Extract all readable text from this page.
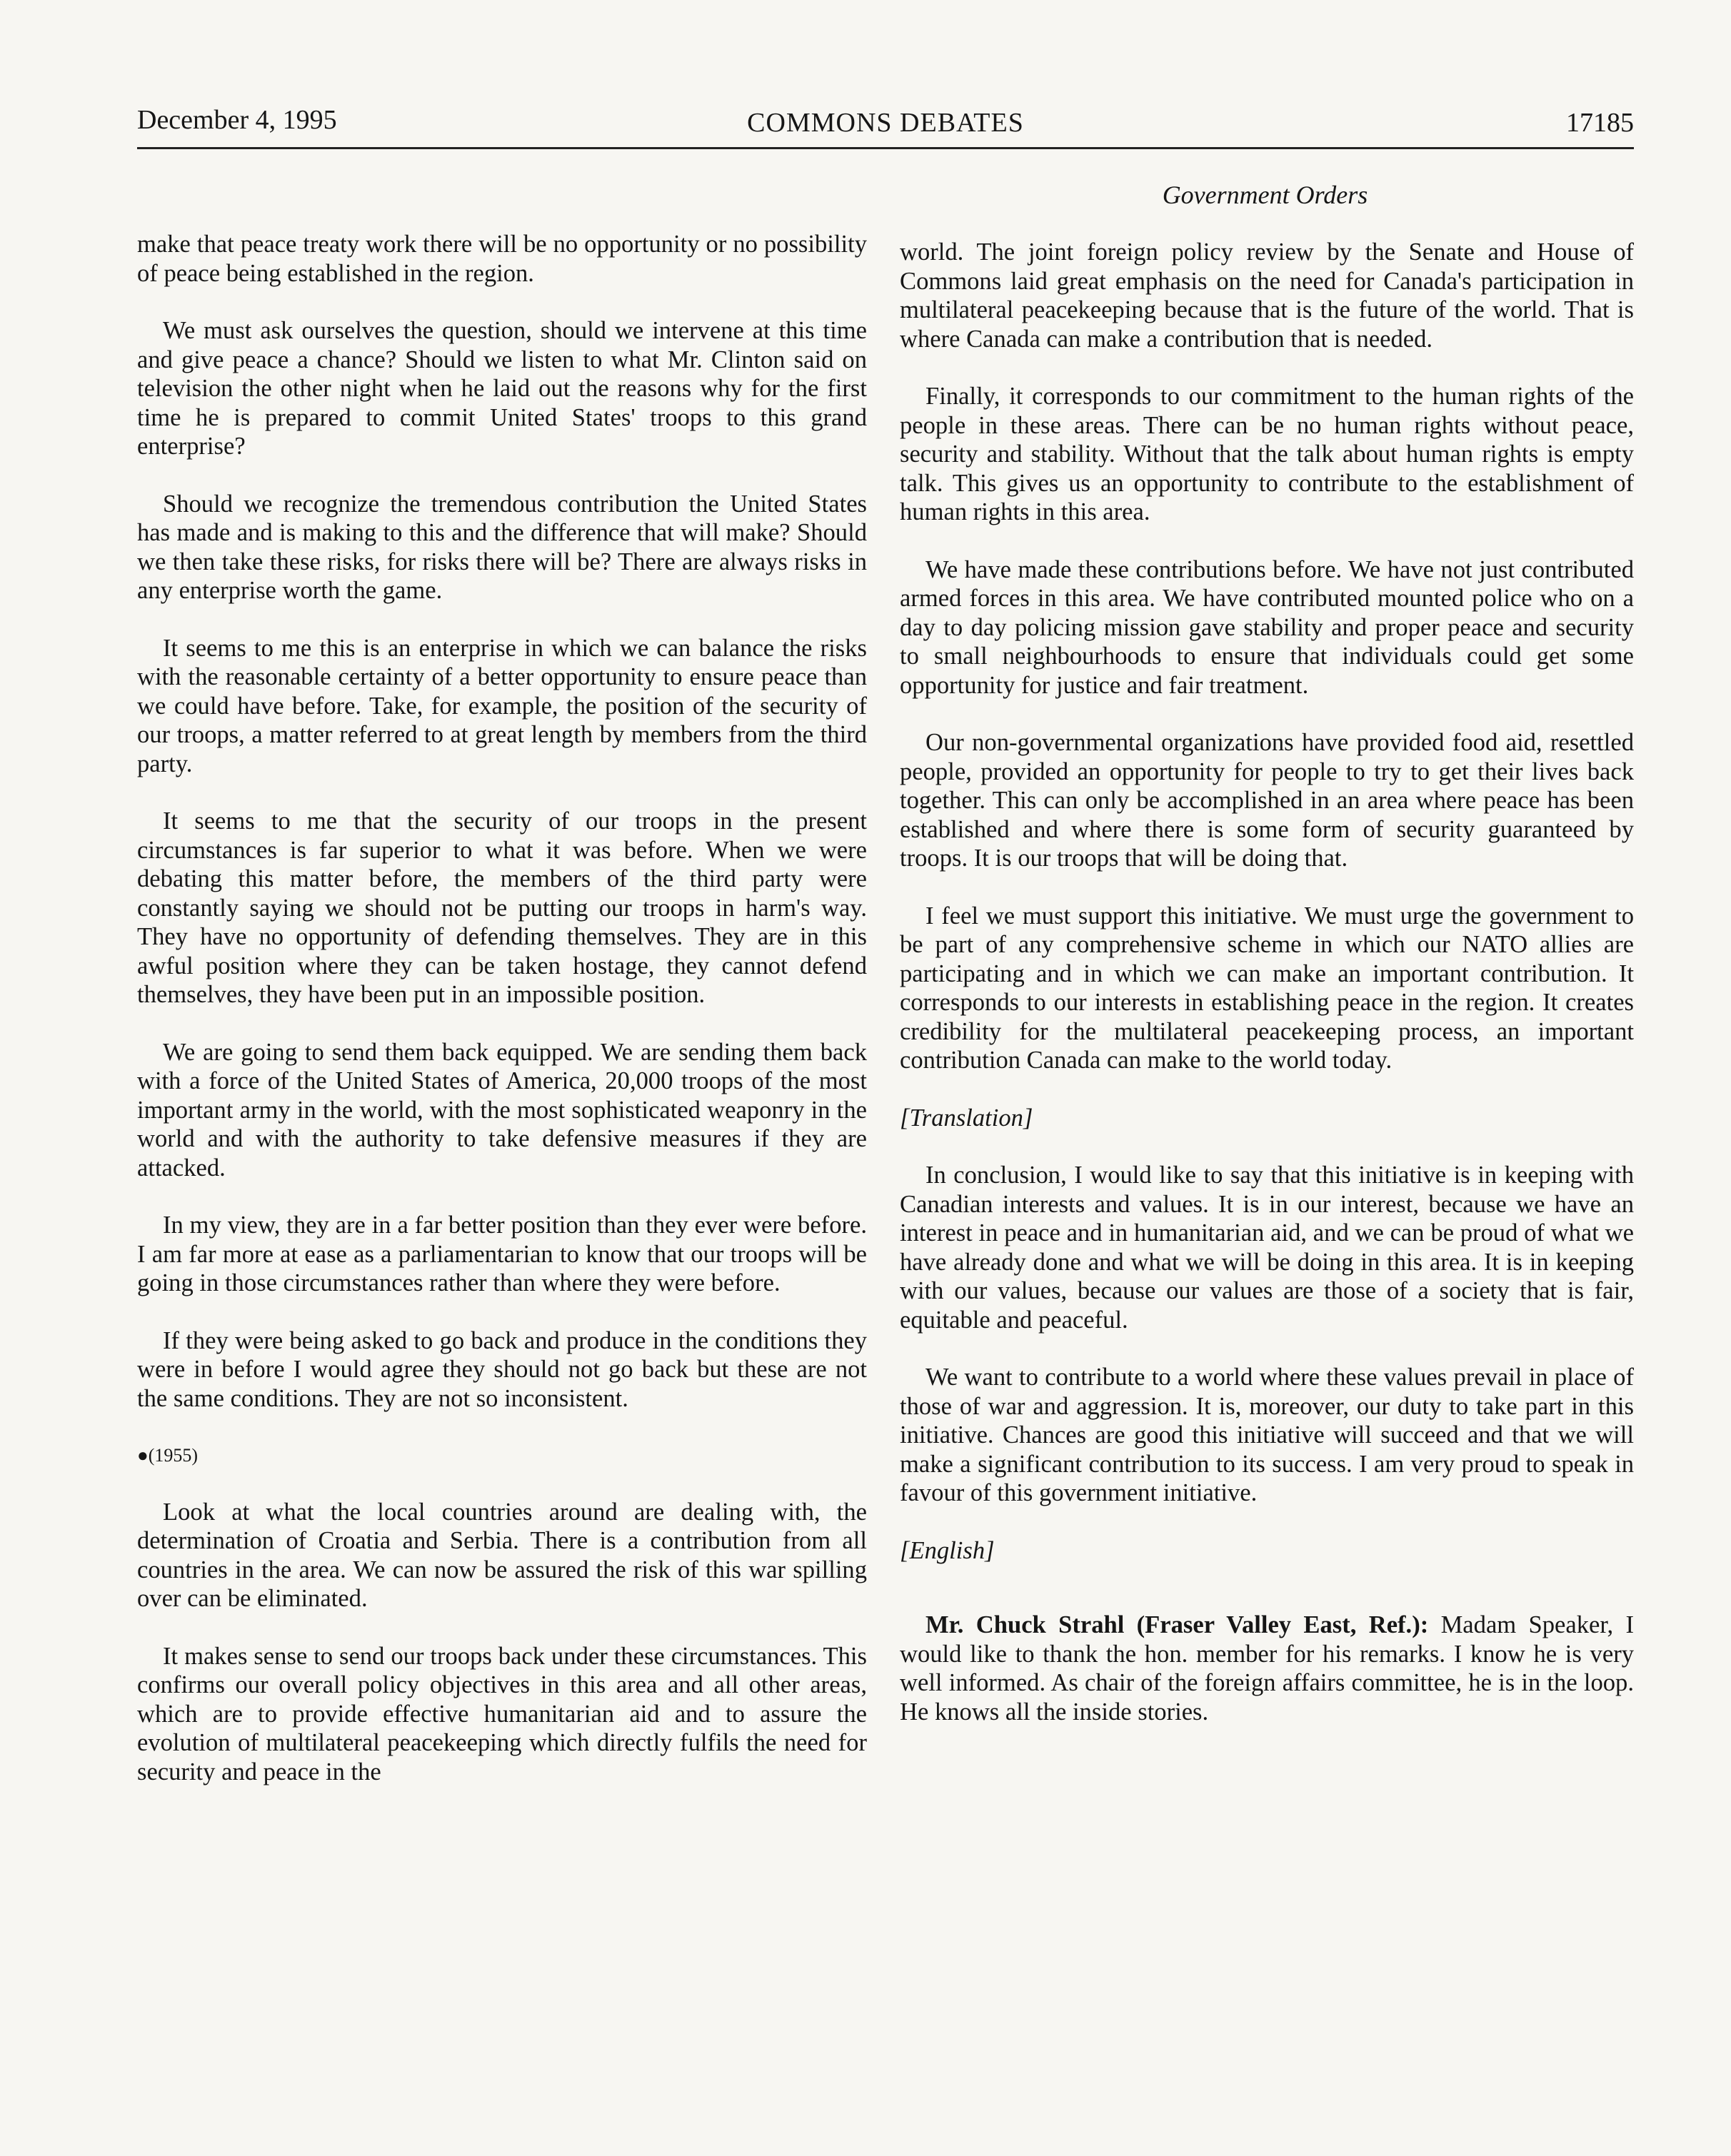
December 4, 1995	COMMONS DEBATES	17185
Government Orders

make that peace treaty work there will be no opportunity or no possibility of peace being established in the region.

We must ask ourselves the question, should we intervene at this time and give peace a chance? Should we listen to what Mr. Clinton said on television the other night when he laid out the reasons why for the first time he is prepared to commit United States' troops to this grand enterprise?

Should we recognize the tremendous contribution the United States has made and is making to this and the difference that will make? Should we then take these risks, for risks there will be? There are always risks in any enterprise worth the game.

It seems to me this is an enterprise in which we can balance the risks with the reasonable certainty of a better opportunity to ensure peace than we could have before. Take, for example, the position of the security of our troops, a matter referred to at great length by members from the third party.

It seems to me that the security of our troops in the present circumstances is far superior to what it was before. When we were debating this matter before, the members of the third party were constantly saying we should not be putting our troops in harm's way. They have no opportunity of defending themselves. They are in this awful position where they can be taken hostage, they cannot defend themselves, they have been put in an impossible position.

We are going to send them back equipped. We are sending them back with a force of the United States of America, 20,000 troops of the most important army in the world, with the most sophisticated weaponry in the world and with the authority to take defensive measures if they are attacked.

In my view, they are in a far better position than they ever were before. I am far more at ease as a parliamentarian to know that our troops will be going in those circumstances rather than where they were before.

If they were being asked to go back and produce in the conditions they were in before I would agree they should not go back but these are not the same conditions. They are not so inconsistent.

●(1955)

Look at what the local countries around are dealing with, the determination of Croatia and Serbia. There is a contribution from all countries in the area. We can now be assured the risk of this war spilling over can be eliminated.

It makes sense to send our troops back under these circumstances. This confirms our overall policy objectives in this area and all other areas, which are to provide effective humanitarian aid and to assure the evolution of multilateral peacekeeping which directly fulfils the need for security and peace in the

world. The joint foreign policy review by the Senate and House of Commons laid great emphasis on the need for Canada's participation in multilateral peacekeeping because that is the future of the world. That is where Canada can make a contribution that is needed.

Finally, it corresponds to our commitment to the human rights of the people in these areas. There can be no human rights without peace, security and stability. Without that the talk about human rights is empty talk. This gives us an opportunity to contribute to the establishment of human rights in this area.

We have made these contributions before. We have not just contributed armed forces in this area. We have contributed mounted police who on a day to day policing mission gave stability and proper peace and security to small neighbourhoods to ensure that individuals could get some opportunity for justice and fair treatment.

Our non-governmental organizations have provided food aid, resettled people, provided an opportunity for people to try to get their lives back together. This can only be accomplished in an area where peace has been established and where there is some form of security guaranteed by troops. It is our troops that will be doing that.

I feel we must support this initiative. We must urge the government to be part of any comprehensive scheme in which our NATO allies are participating and in which we can make an important contribution. It corresponds to our interests in establishing peace in the region. It creates credibility for the multilateral peacekeeping process, an important contribution Canada can make to the world today.

[Translation]

In conclusion, I would like to say that this initiative is in keeping with Canadian interests and values. It is in our interest, because we have an interest in peace and in humanitarian aid, and we can be proud of what we have already done and what we will be doing in this area. It is in keeping with our values, because our values are those of a society that is fair, equitable and peaceful.

We want to contribute to a world where these values prevail in place of those of war and aggression. It is, moreover, our duty to take part in this initiative. Chances are good this initiative will succeed and that we will make a significant contribution to its success. I am very proud to speak in favour of this government initiative.

[English]

Mr. Chuck Strahl (Fraser Valley East, Ref.): Madam Speaker, I would like to thank the hon. member for his remarks. I know he is very well informed. As chair of the foreign affairs committee, he is in the loop. He knows all the inside stories.
